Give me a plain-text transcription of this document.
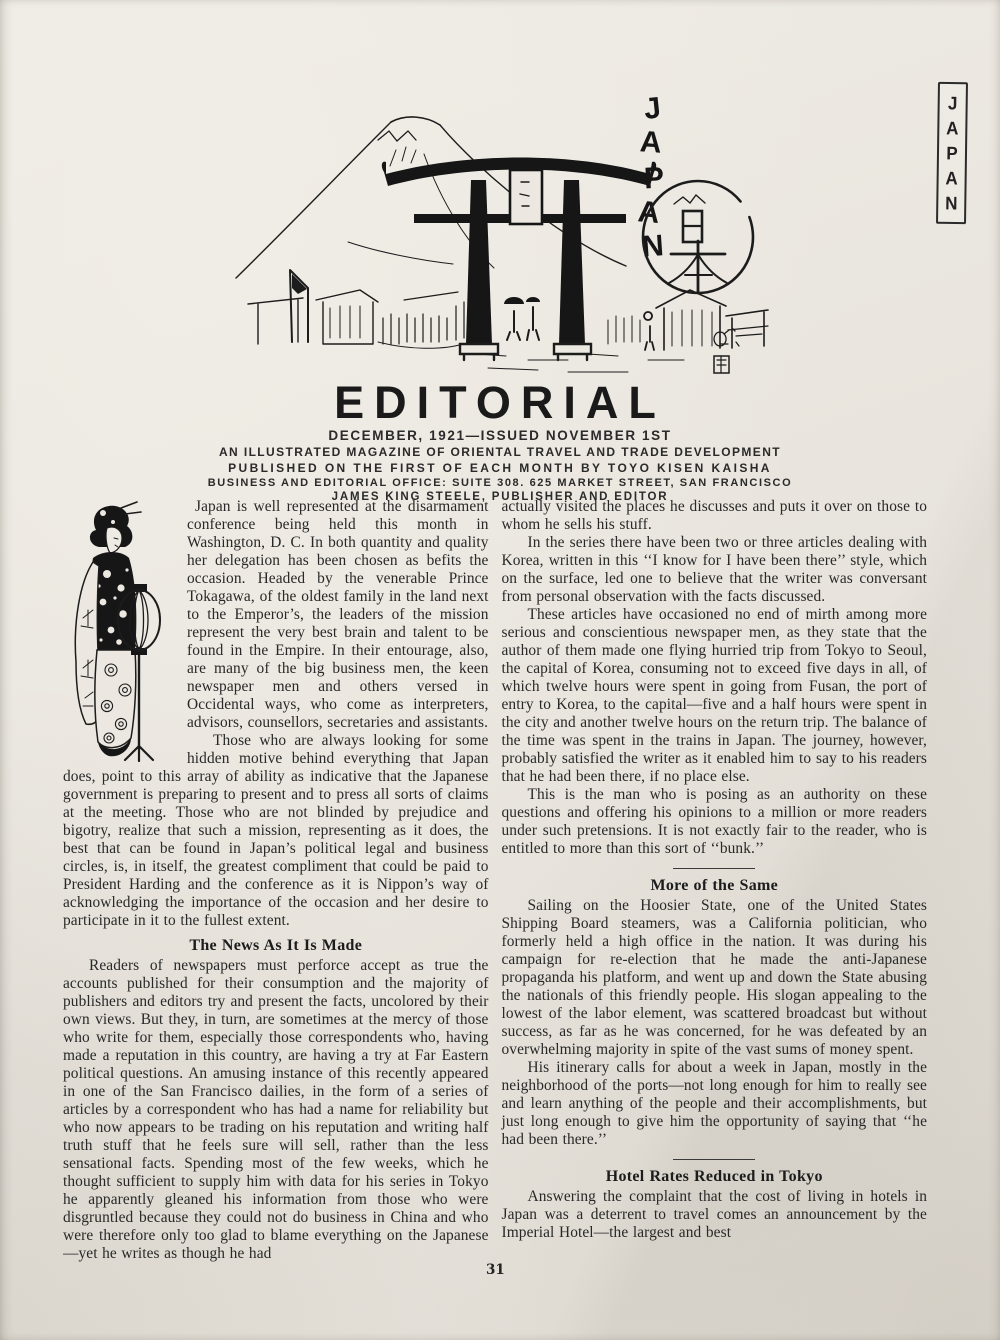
J
A
P
A
N
J
A
P
A
N
EDITORIAL
DECEMBER, 1921—ISSUED NOVEMBER 1ST
AN ILLUSTRATED MAGAZINE OF ORIENTAL TRAVEL AND TRADE DEVELOPMENT
PUBLISHED ON THE FIRST OF EACH MONTH BY TOYO KISEN KAISHA
BUSINESS AND EDITORIAL OFFICE: SUITE 308. 625 MARKET STREET, SAN FRANCISCO
JAMES KING STEELE, PUBLISHER AND EDITOR

Japan is well represented at the disarmament conference being held this month in Washington, D. C. In both quantity and quality her delegation has been chosen as befits the occasion. Headed by the venerable Prince Tokagawa, of the oldest family in the land next to the Emperor’s, the leaders of the mission represent the very best brain and talent to be found in the Empire. In their entourage, also, are many of the big business men, the keen newspaper men and others versed in Occidental ways, who come as interpreters, advisors, counsellors, secretaries and assistants.

Those who are always looking for some hidden motive behind everything that Japan does, point to this array of ability as indicative that the Japanese government is preparing to present and to press all sorts of claims at the meeting. Those who are not blinded by prejudice and bigotry, realize that such a mission, representing as it does, the best that can be found in Japan’s political legal and business circles, is, in itself, the greatest compliment that could be paid to President Harding and the conference as it is Nippon’s way of acknowledging the importance of the occasion and her desire to participate in it to the fullest extent.

The News As It Is Made

Readers of newspapers must perforce accept as true the accounts published for their consumption and the majority of publishers and editors try and present the facts, uncolored by their own views. But they, in turn, are sometimes at the mercy of those who write for them, especially those correspondents who, having made a reputation in this country, are having a try at Far Eastern political questions. An amusing instance of this recently appeared in one of the San Francisco dailies, in the form of a series of articles by a correspondent who has had a name for reliability but who now appears to be trading on his reputation and writing half truth stuff that he feels sure will sell, rather than the less sensational facts. Spending most of the few weeks, which he thought sufficient to supply him with data for his series in Tokyo he apparently gleaned his information from those who were disgruntled because they could not do business in China and who were therefore only too glad to blame everything on the Japanese—yet he writes as though he had

actually visited the places he discusses and puts it over on those to whom he sells his stuff.

In the series there have been two or three articles dealing with Korea, written in this ‘‘I know for I have been there’’ style, which on the surface, led one to believe that the writer was conversant from personal observation with the facts discussed.

These articles have occasioned no end of mirth among more serious and conscientious newspaper men, as they state that the author of them made one flying hurried trip from Tokyo to Seoul, the capital of Korea, consuming not to exceed five days in all, of which twelve hours were spent in going from Fusan, the port of entry to Korea, to the capital—five and a half hours were spent in the city and another twelve hours on the return trip. The balance of the time was spent in the trains in Japan. The journey, however, probably satisfied the writer as it enabled him to say to his readers that he had been there, if no place else.

This is the man who is posing as an authority on these questions and offering his opinions to a million or more readers under such pretensions. It is not exactly fair to the reader, who is entitled to more than this sort of ‘‘bunk.’’

More of the Same

Sailing on the Hoosier State, one of the United States Shipping Board steamers, was a California politician, who formerly held a high office in the nation. It was during his campaign for re-election that he made the anti-Japanese propaganda his platform, and went up and down the State abusing the nationals of this friendly people. His slogan appealing to the lowest of the labor element, was scattered broadcast but without success, as far as he was concerned, for he was defeated by an overwhelming majority in spite of the vast sums of money spent.

His itinerary calls for about a week in Japan, mostly in the neighborhood of the ports—not long enough for him to really see and learn anything of the people and their accomplishments, but just long enough to give him the opportunity of saying that ‘‘he had been there.’’

Hotel Rates Reduced in Tokyo

Answering the complaint that the cost of living in hotels in Japan was a deterrent to travel comes an announcement by the Imperial Hotel—the largest and best

31
